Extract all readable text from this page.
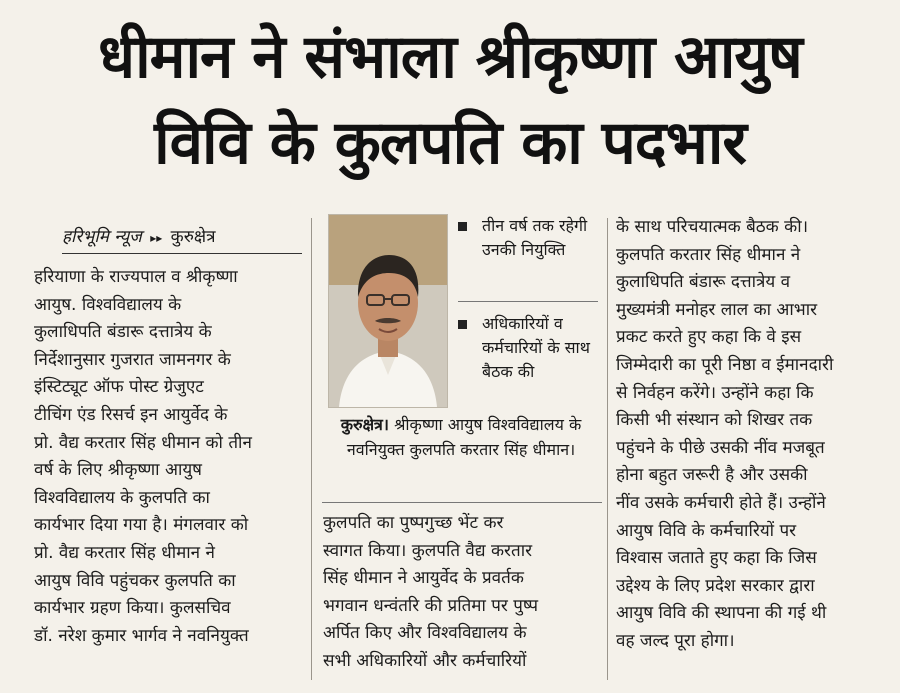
धीमान ने संभाला श्रीकृष्णा आयुष
विवि के कुलपति का पदभार
हरिभूमि न्यूज ▸▸ कुरुक्षेत्र

हरियाणा के राज्यपाल व श्रीकृष्णा

आयुष. विश्वविद्यालय के

कुलाधिपति बंडारू दत्तात्रेय के

निर्देशानुसार गुजरात जामनगर के

इंस्टिट्यूट ऑफ पोस्ट ग्रेजुएट

टीचिंग एंड रिसर्च इन आयुर्वेद के

प्रो. वैद्य करतार सिंह धीमान को तीन

वर्ष के लिए श्रीकृष्णा आयुष

विश्वविद्यालय के कुलपति का

कार्यभार दिया गया है। मंगलवार को

प्रो. वैद्य करतार सिंह धीमान ने

आयुष विवि पहुंचकर कुलपति का

कार्यभार ग्रहण किया। कुलसचिव

डॉ. नरेश कुमार भार्गव ने नवनियुक्त

तीन वर्ष तक रहेगी उनकी नियुक्ति
अधिकारियों व कर्मचारियों के साथ बैठक की
कुरुक्षेत्र। श्रीकृष्णा आयुष विश्वविद्यालय के नवनियुक्त कुलपति करतार सिंह धीमान।

कुलपति का पुष्पगुच्छ भेंट कर

स्वागत किया। कुलपति वैद्य करतार

सिंह धीमान ने आयुर्वेद के प्रवर्तक

भगवान धन्वंतरि की प्रतिमा पर पुष्प

अर्पित किए और विश्वविद्यालय के

सभी अधिकारियों और कर्मचारियों

के साथ परिचयात्मक बैठक की।

कुलपति करतार सिंह धीमान ने

कुलाधिपति बंडारू दत्तात्रेय व

मुख्यमंत्री मनोहर लाल का आभार

प्रकट करते हुए कहा कि वे इस

जिम्मेदारी का पूरी निष्ठा व ईमानदारी

से निर्वहन करेंगे। उन्होंने कहा कि

किसी भी संस्थान को शिखर तक

पहुंचने के पीछे उसकी नींव मजबूत

होना बहुत जरूरी है और उसकी

नींव उसके कर्मचारी होते हैं। उन्होंने

आयुष विवि के कर्मचारियों पर

विश्वास जताते हुए कहा कि जिस

उद्देश्य के लिए प्रदेश सरकार द्वारा

आयुष विवि की स्थापना की गई थी

वह जल्द पूरा होगा।
